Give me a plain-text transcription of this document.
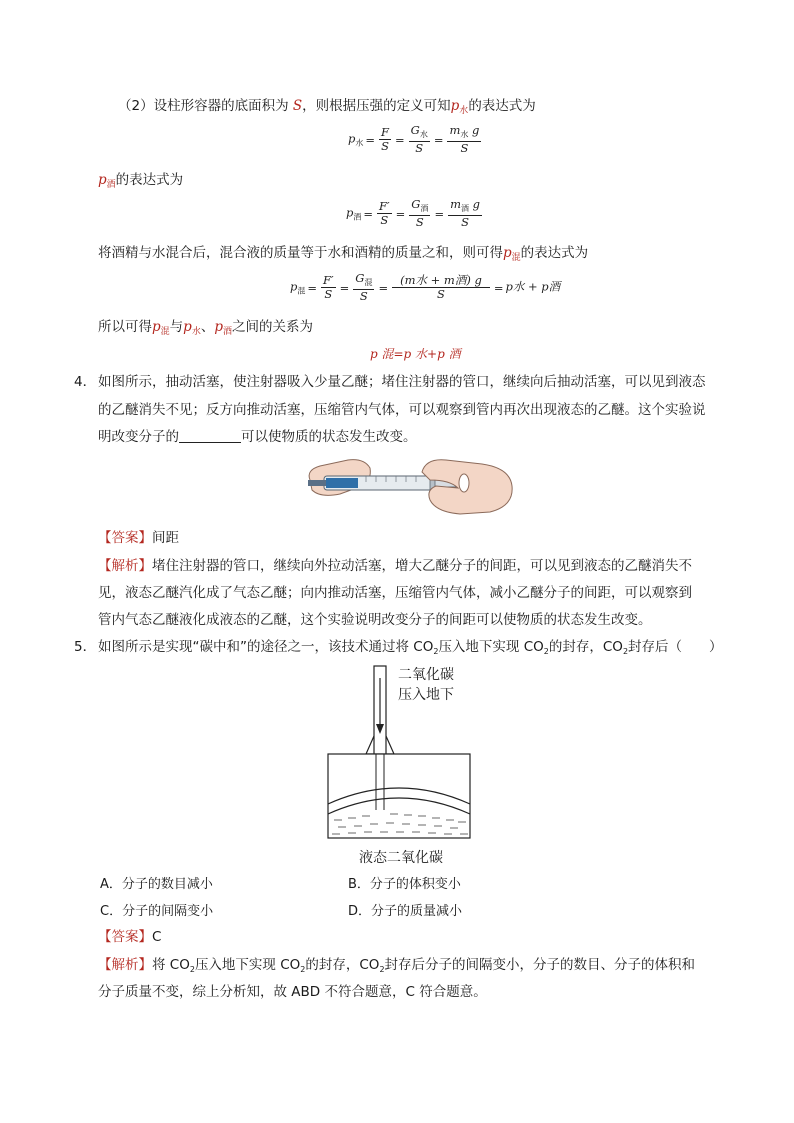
（2）设柱形容器的底面积为 S，则根据压强的定义可知$p_水$的表达式为
$p_水 = \frac{F}{S} = \frac{G_水}{S} = \frac{m_水 g}{S}$
$p_酒$的表达式为
$p_酒 = \frac{F'}{S} = \frac{G_酒}{S} = \frac{m_酒 g}{S}$
将酒精与水混合后，混合液的质量等于水和酒精的质量之和，则可得$p_混$的表达式为
$p_混 = \frac{F'}{S} = \frac{G_混}{S} = \frac{\text{(m水 + m酒) g}}{S} = p$水 + p酒
所以可得$p_混$与$p_水$、$p_酒$之间的关系为
p 混=p 水+p 酒
4． 如图所示，抽动活塞，使注射器吸入少量乙醚；堵住注射器的管口，继续向后抽动活塞，可以见到液态
的乙醚消失不见；反方向推动活塞，压缩管内气体，可以观察到管内再次出现液态的乙醚。这个实验说
明改变分子的	可以使物质的状态发生改变。
【答案】间距
【解析】堵住注射器的管口，继续向外拉动活塞，增大乙醚分子的间距，可以见到液态的乙醚消失不
见，液态乙醚汽化成了气态乙醚；向内推动活塞，压缩管内气体，减小乙醚分子的间距，可以观察到
管内气态乙醚液化成液态的乙醚，这个实验说明改变分子的间距可以使物质的状态发生改变。
5． 如图所示是实现“碳中和”的途径之一，该技术通过将 $CO_2$压入地下实现 $CO_2$的封存，$CO_2$封存后（　　）
二氧化碳
压入地下
液态二氧化碳
A．分子的数目减小	B．分子的体积变小
C．分子的间隔变小	D．分子的质量减小
【答案】C
【解析】将 $CO_2$压入地下实现 $CO_2$的封存，$CO_2$封存后分子的间隔变小，分子的数目、分子的体积和
分子质量不变，综上分析知，故 ABD 不符合题意，C 符合题意。
